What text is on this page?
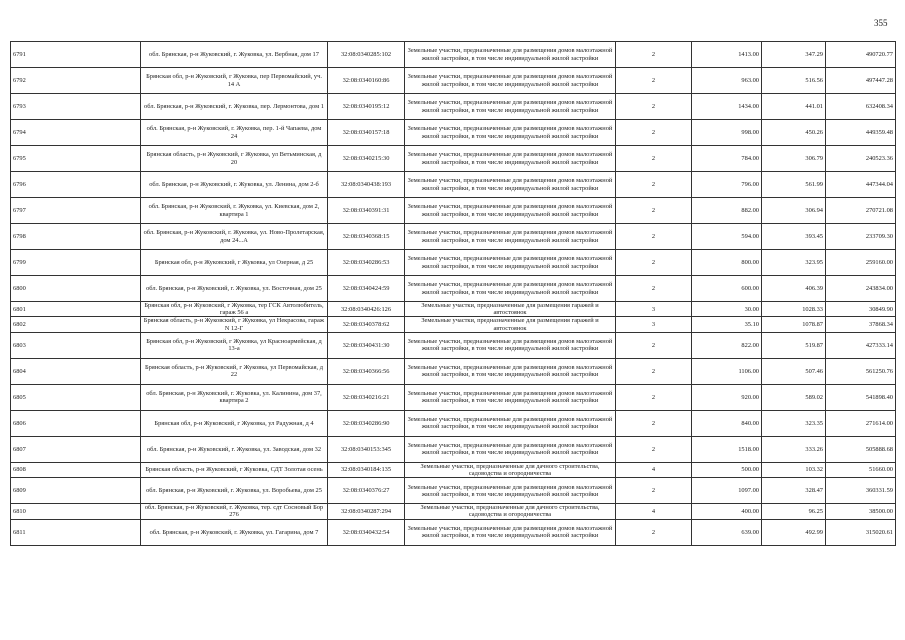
355
6791	обл. Брянская, р-н Жуковский, г. Жуковка, ул. Вербная, дом 17	32:08:0340285:102	Земельные участки, предназначенные для размещения домов малоэтажной жилой застройки, в том числе индивидуальной жилой застройки	2	1413.00	347.29	490720.77
6792	Брянская обл, р-н Жуковский, г Жуковка, пер Первомайский, уч. 14 А	32:08:0340160:86	Земельные участки, предназначенные для размещения домов малоэтажной жилой застройки, в том числе индивидуальной жилой застройки	2	963.00	516.56	497447.28
6793	обл. Брянская, р-н Жуковский, г. Жуковка, пер. Лермонтова, дом 1	32:08:0340195:12	Земельные участки, предназначенные для размещения домов малоэтажной жилой застройки, в том числе индивидуальной жилой застройки	2	1434.00	441.01	632408.34
6794	обл. Брянская, р-н Жуковский, г. Жуковка, пер. 1-й Чапаева, дом 24	32:08:0340157:18	Земельные участки, предназначенные для размещения домов малоэтажной жилой застройки, в том числе индивидуальной жилой застройки	2	998.00	450.26	449359.48
6795	Брянская область, р-н Жуковский, г Жуковка, ул Ветьминская, д 20	32:08:0340215:30	Земельные участки, предназначенные для размещения домов малоэтажной жилой застройки, в том числе индивидуальной жилой застройки	2	784.00	306.79	240523.36
6796	обл. Брянская, р-н Жуковский, г. Жуковка, ул. Ленина, дом 2-б	32:08:0340438:193	Земельные участки, предназначенные для размещения домов малоэтажной жилой застройки, в том числе индивидуальной жилой застройки	2	796.00	561.99	447344.04
6797	обл. Брянская, р-н Жуковский, г. Жуковка, ул. Киевская, дом 2, квартира 1	32:08:0340391:31	Земельные участки, предназначенные для размещения домов малоэтажной жилой застройки, в том числе индивидуальной жилой застройки	2	882.00	306.94	270721.08
6798	обл. Брянская, р-н Жуковский, г. Жуковка, ул. Ново-Пролетарская, дом 24...А	32:08:0340368:15	Земельные участки, предназначенные для размещения домов малоэтажной жилой застройки, в том числе индивидуальной жилой застройки	2	594.00	393.45	233709.30
6799	Брянская обл, р-н Жуковский, г Жуковка, ул Озерная, д 25	32:08:0340286:53	Земельные участки, предназначенные для размещения домов малоэтажной жилой застройки, в том числе индивидуальной жилой застройки	2	800.00	323.95	259160.00
6800	обл. Брянская, р-н Жуковский, г. Жуковка, ул. Восточная, дом 25	32:08:0340424:59	Земельные участки, предназначенные для размещения домов малоэтажной жилой застройки, в том числе индивидуальной жилой застройки	2	600.00	406.39	243834.00
6801	Брянская обл, р-н Жуковский, г Жуковка, тер ГСК Автолюбитель, гараж 56 а	32:08:0340426:126	Земельные участки, предназначенные для размещения гаражей и автостоянок	3	30.00	1028.33	30849.90
6802	Брянская область, р-н Жуковский, г Жуковка, ул Некрасова, гараж N 12-Г	32:08:0340378:62	Земельные участки, предназначенные для размещения гаражей и автостоянок	3	35.10	1078.87	37868.34
6803	Брянская обл, р-н Жуковский, г Жуковка, ул Красноармейская, д 13-а	32:08:0340431:30	Земельные участки, предназначенные для размещения домов малоэтажной жилой застройки, в том числе индивидуальной жилой застройки	2	822.00	519.87	427333.14
6804	Брянская область, р-н Жуковский, г Жуковка, ул Первомайская, д 22	32:08:0340366:56	Земельные участки, предназначенные для размещения домов малоэтажной жилой застройки, в том числе индивидуальной жилой застройки	2	1106.00	507.46	561250.76
6805	обл. Брянская, р-н Жуковский, г. Жуковка, ул. Калинина, дом 37, квартира 2	32:08:0340216:21	Земельные участки, предназначенные для размещения домов малоэтажной жилой застройки, в том числе индивидуальной жилой застройки	2	920.00	589.02	541898.40
6806	Брянская обл, р-н Жуковский, г Жуковка, ул Радужная, д 4	32:08:0340286:90	Земельные участки, предназначенные для размещения домов малоэтажной жилой застройки, в том числе индивидуальной жилой застройки	2	840.00	323.35	271614.00
6807	обл. Брянская, р-н Жуковский, г. Жуковка, ул. Заводская, дом 32	32:08:0340153:345	Земельные участки, предназначенные для размещения домов малоэтажной жилой застройки, в том числе индивидуальной жилой застройки	2	1518.00	333.26	505888.68
6808	Брянская область, р-н Жуковский, г Жуковка, СДТ Золотая осень	32:08:0340184:135	Земельные участки, предназначенные для дачного строительства, садоводства и огородничества	4	500.00	103.32	51660.00
6809	обл. Брянская, р-н Жуковский, г. Жуковка, ул. Воробьева, дом 25	32:08:0340376:27	Земельные участки, предназначенные для размещения домов малоэтажной жилой застройки, в том числе индивидуальной жилой застройки	2	1097.00	328.47	360331.59
6810	обл. Брянская, р-н Жуковский, г. Жуковка, тер. сдт Сосновый Бор 276	32:08:0340287:294	Земельные участки, предназначенные для дачного строительства, садоводства и огородничества	4	400.00	96.25	38500.00
6811	обл. Брянская, р-н Жуковский, г. Жуковка, ул. Гагарина, дом 7	32:08:0340432:54	Земельные участки, предназначенные для размещения домов малоэтажной жилой застройки, в том числе индивидуальной жилой застройки	2	639.00	492.99	315020.61
